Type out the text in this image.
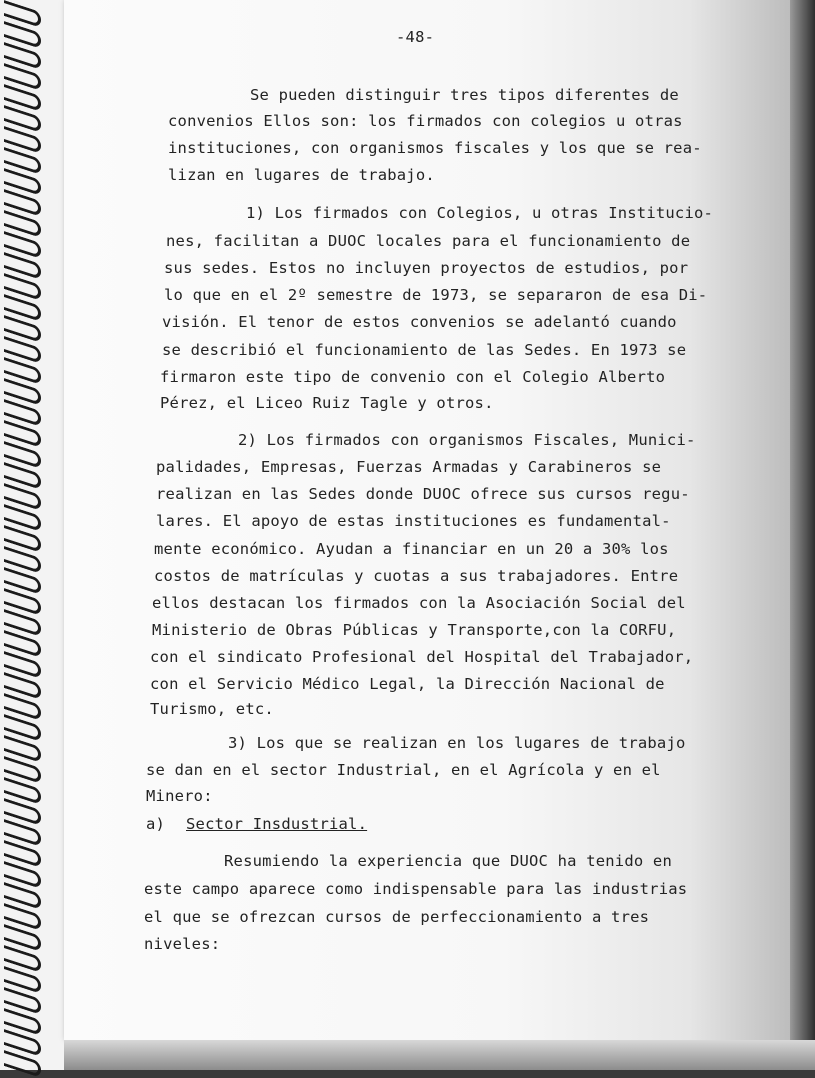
-48-
Se pueden distinguir tres tipos diferentes de
convenios Ellos son: los firmados con colegios u otras
instituciones, con organismos fiscales y los que se rea-
lizan en lugares de trabajo.
1) Los firmados con Colegios, u otras Institucio-
nes, facilitan a DUOC locales para el funcionamiento de
sus sedes. Estos no incluyen proyectos de estudios, por
lo que en el 2º semestre de 1973, se separaron de esa Di-
visión. El tenor de estos convenios se adelantó cuando
se describió el funcionamiento de las Sedes. En 1973 se
firmaron este tipo de convenio con el Colegio Alberto
Pérez, el Liceo Ruiz Tagle y otros.
2) Los firmados con organismos Fiscales, Munici-
palidades, Empresas, Fuerzas Armadas y Carabineros se
realizan en las Sedes donde DUOC ofrece sus cursos regu-
lares. El apoyo de estas instituciones es fundamental-
mente económico. Ayudan a financiar en un 20 a 30% los
costos de matrículas y cuotas a sus trabajadores. Entre
ellos destacan los firmados con la Asociación Social del
Ministerio de Obras Públicas y Transporte,con la CORFU,
con el sindicato Profesional del Hospital del Trabajador,
con el Servicio Médico Legal, la Dirección Nacional de
Turismo, etc.
3) Los que se realizan en los lugares de trabajo
se dan en el sector Industrial, en el Agrícola y en el
Minero:
a) Sector Insdustrial.
Resumiendo la experiencia que DUOC ha tenido en
este campo aparece como indispensable para las industrias
el que se ofrezcan cursos de perfeccionamiento a tres
niveles:
